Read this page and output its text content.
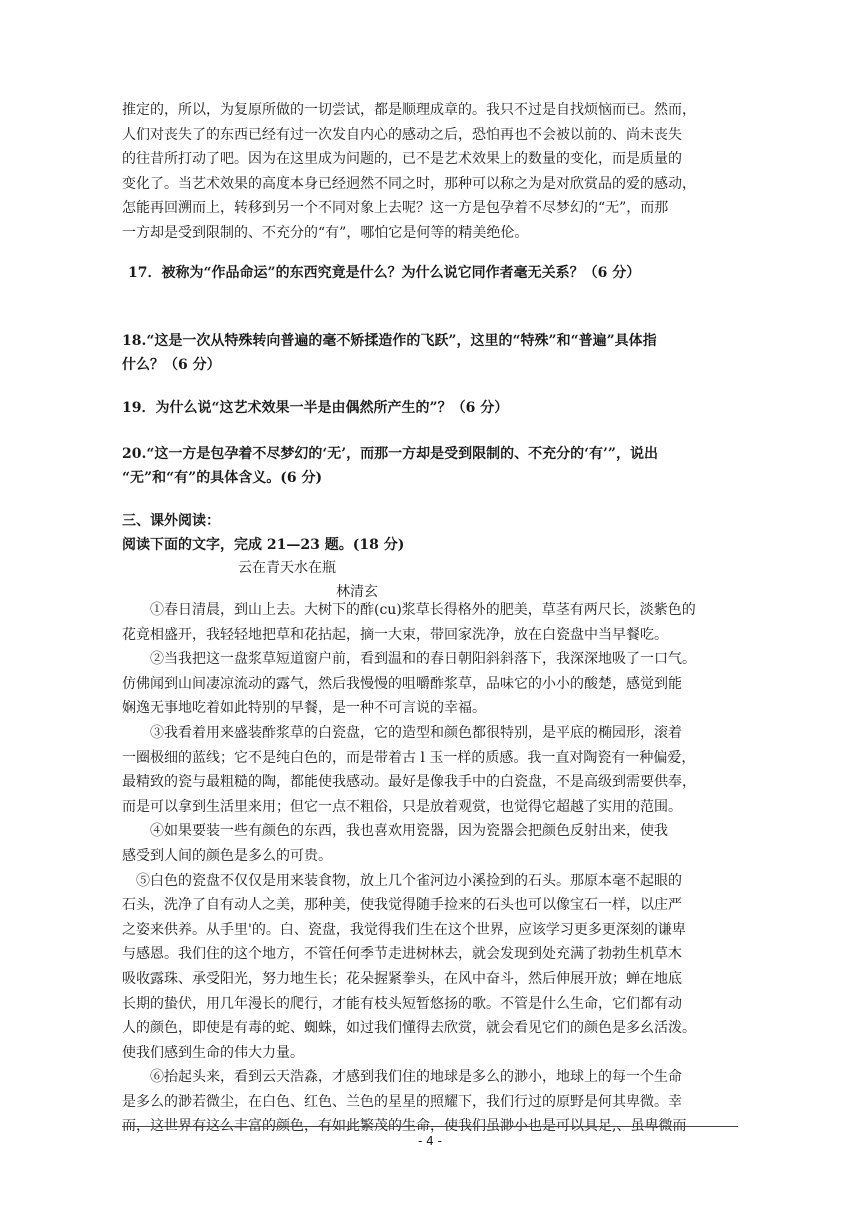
推定的，所以，为复原所做的一切尝试，都是顺理成章的。我只不过是自找烦恼而已。然而，

人们对丧失了的东西已经有过一次发自内心的感动之后，恐怕再也不会被以前的、尚未丧失

的往昔所打动了吧。因为在这里成为问题的，已不是艺术效果上的数量的变化，而是质量的

变化了。当艺术效果的高度本身已经迥然不同之时，那种可以称之为是对欣赏品的爱的感动，

怎能再回溯而上，转移到另一个不同对象上去呢？这一方是包孕着不尽梦幻的“无”，而那

一方却是受到限制的、不充分的“有”，哪怕它是何等的精美绝伦。

17．被称为“作品命运”的东西究竟是什么？为什么说它同作者毫无关系？（6 分）

18.“这是一次从特殊转向普遍的毫不矫揉造作的飞跃”，这里的“特殊”和“普遍”具体指

什么？（6 分）

19．为什么说“这艺术效果一半是由偶然所产生的”？（6 分）

20.“这一方是包孕着不尽梦幻的‘无’，而那一方却是受到限制的、不充分的‘有’”，说出

“无”和“有”的具体含义。(6 分)

三、课外阅读：

阅读下面的文字，完成 21—23 题。(18 分)

云在青天水在瓶

林清玄

①春日清晨，到山上去。大树下的酢(cu)浆草长得格外的肥美，草茎有两尺长，淡紫色的

花竟相盛开，我轻轻地把草和花拈起，摘一大束，带回家洗净，放在白瓷盘中当早餐吃。

②当我把这一盘浆草短道窗户前，看到温和的春日朝阳斜斜落下，我深深地吸了一口气。

仿佛闻到山间凄凉流动的露气，然后我慢慢的咀嚼酢浆草，品味它的小小的酸楚，感觉到能

娴逸无事地吃着如此特别的早餐，是一种不可言说的幸福。

③我看着用来盛装酢浆草的白瓷盘，它的造型和颜色都很特别，是平底的椭园形，滚着

一圈极细的蓝线；它不是纯白色的，而是带着古 l 玉一样的质感。我一直对陶瓷有一种偏爱，

最精致的瓷与最粗糙的陶，都能使我感动。最好是像我手中的白瓷盘，不是高级到需要供奉，

而是可以拿到生活里来用；但它一点不粗俗，只是放着观赏，也觉得它超越了实用的范围。

④如果要装一些有颜色的东西，我也喜欢用瓷器，因为瓷器会把颜色反射出来，使我

感受到人间的颜色是多么的可贵。

⑤白色的瓷盘不仅仅是用来装食物，放上几个雀河边小溪捡到的石头。那原本毫不起眼的

石头，洗净了自有动人之美，那种美，使我觉得随手捡来的石头也可以像宝石一样，以庄严

之姿来供养。从手里'的。白、瓷盘，我觉得我们生在这个世界，应该学习更多更深刻的谦卑

与感恩。我们住的这个地方，不管任何季节走进树林去，就会发现到处充满了勃勃生机草木

吸收露珠、承受阳光，努力地生长；花朵握紧拳头，在风中奋斗，然后伸展开放；蝉在地底

长期的蛰伏，用几年漫长的爬行，才能有枝头短暂悠扬的歌。不管是什么生命，它们都有动

人的颜色，即使是有毒的蛇、蜘蛛，如过我们懂得去欣赏，就会看见它们的颜色是多幺活泼。

使我们感到生命的伟大力量。

⑥抬起头来，看到云天浩淼，才感到我们住的地球是多么的渺小，地球上的每一个生命

是多么的渺若微尘，在白色、红色、兰色的星星的照耀下，我们行过的原野是何其卑微。幸

而，这世界有这么丰富的颜色，有如此繁茂的生命，使我们虽渺小也是可以具足,、虽卑微而

- 4 -
